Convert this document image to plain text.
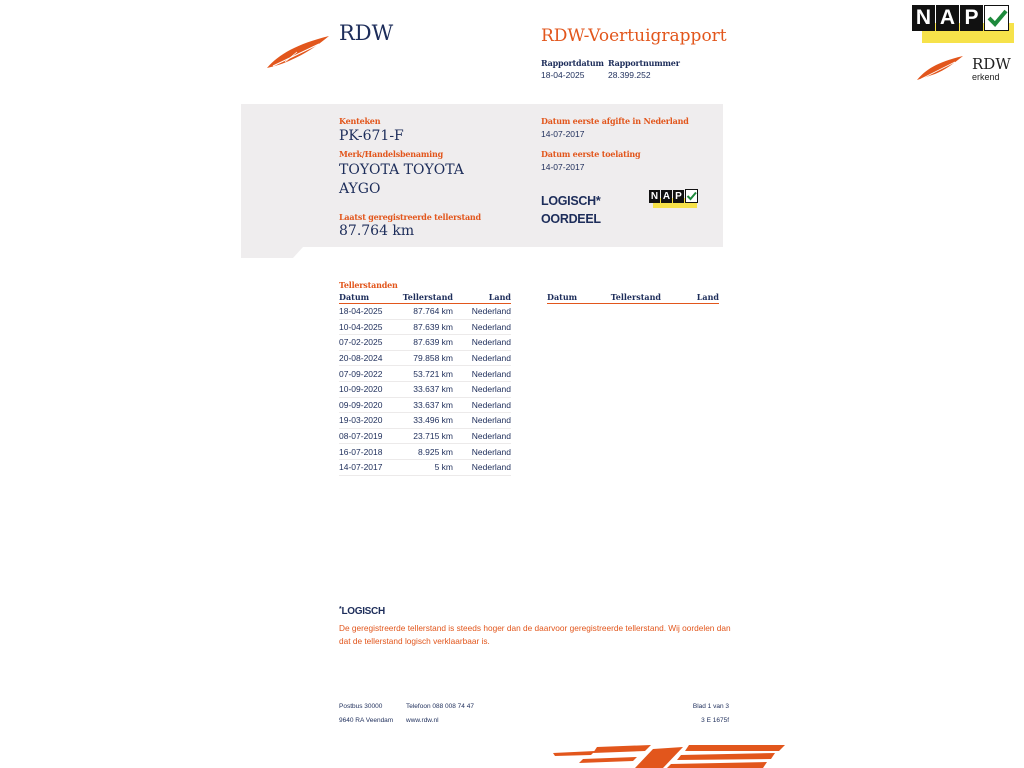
N A P
RDW
erkend
RDW	RDW-Voertuigrapport
Rapportdatum
18-04-2025
Rapportnummer
28.399.252
Kenteken
PK-671-F
Merk/Handelsbenaming
TOYOTA TOYOTA
AYGO
Laatst geregistreerde tellerstand
87.764 km
Datum eerste afgifte in Nederland
14-07-2017
Datum eerste toelating
14-07-2017
LOGISCH*
OORDEEL
N A P
Tellerstanden
Datum	Tellerstand	Land
18-04-2025	87.764 km	Nederland
10-04-2025	87.639 km	Nederland
07-02-2025	87.639 km	Nederland
20-08-2024	79.858 km	Nederland
07-09-2022	53.721 km	Nederland
10-09-2020	33.637 km	Nederland
09-09-2020	33.637 km	Nederland
19-03-2020	33.496 km	Nederland
08-07-2019	23.715 km	Nederland
16-07-2018	8.925 km	Nederland
14-07-2017	5 km	Nederland
Datum	Tellerstand	Land
*LOGISCH
De geregistreerde tellerstand is steeds hoger dan de daarvoor geregistreerde tellerstand. Wij oordelen dan
dat de tellerstand logisch verklaarbaar is.
Postbus 30000
9640 RA Veendam
Telefoon 088 008 74 47
www.rdw.nl
Blad 1 van 3
3 E 1675f
